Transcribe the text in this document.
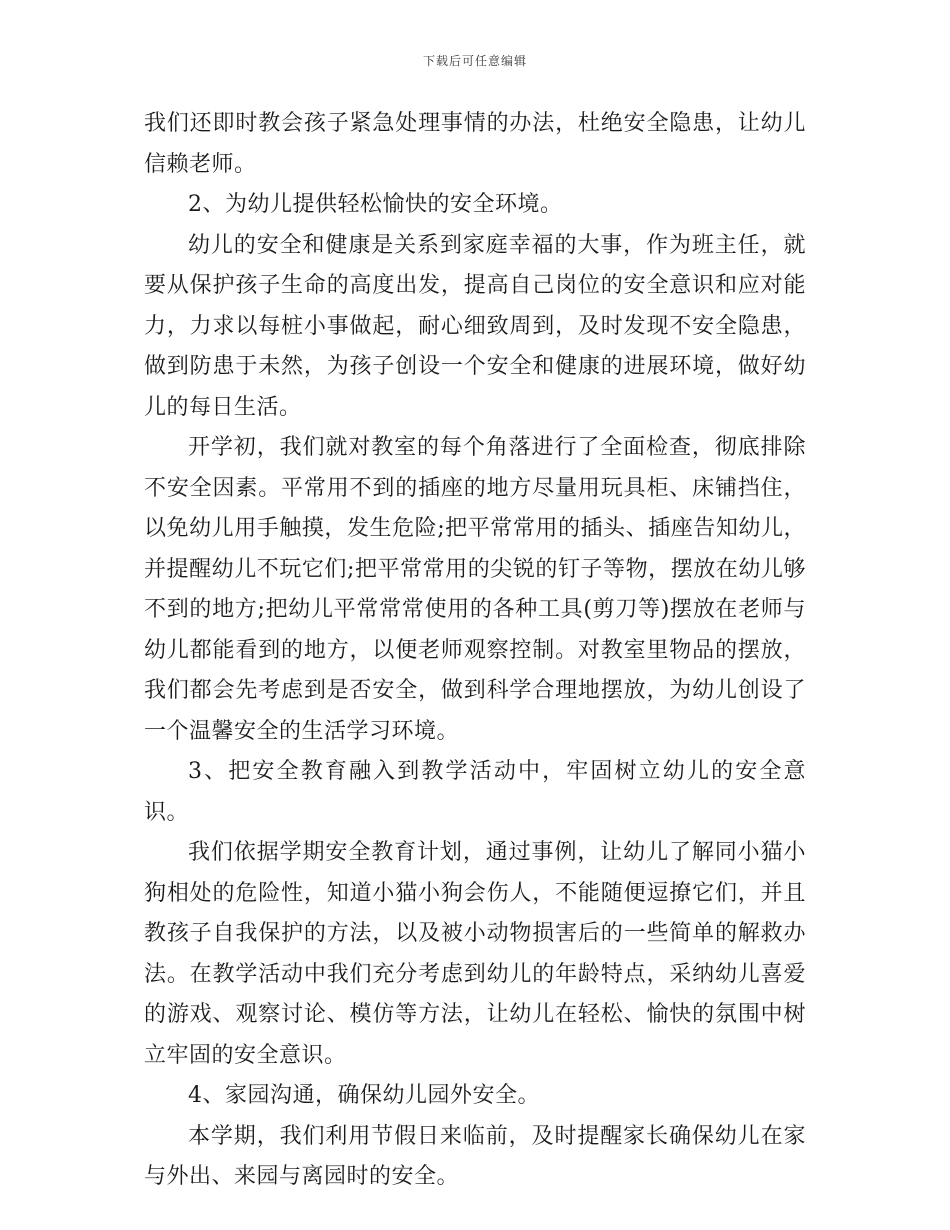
下载后可任意编辑

我们还即时教会孩子紧急处理事情的办法，杜绝安全隐患，让幼儿信赖老师。

2、为幼儿提供轻松愉快的安全环境。

幼儿的安全和健康是关系到家庭幸福的大事，作为班主任，就要从保护孩子生命的高度出发，提高自己岗位的安全意识和应对能力，力求以每桩小事做起，耐心细致周到，及时发现不安全隐患，做到防患于未然，为孩子创设一个安全和健康的进展环境，做好幼儿的每日生活。

开学初，我们就对教室的每个角落进行了全面检查，彻底排除不安全因素。平常用不到的插座的地方尽量用玩具柜、床铺挡住，以免幼儿用手触摸，发生危险;把平常常用的插头、插座告知幼儿，并提醒幼儿不玩它们;把平常常用的尖锐的钉子等物，摆放在幼儿够不到的地方;把幼儿平常常常使用的各种工具(剪刀等)摆放在老师与幼儿都能看到的地方，以便老师观察控制。对教室里物品的摆放，我们都会先考虑到是否安全，做到科学合理地摆放，为幼儿创设了一个温馨安全的生活学习环境。

3、把安全教育融入到教学活动中，牢固树立幼儿的安全意识。

我们依据学期安全教育计划，通过事例，让幼儿了解同小猫小狗相处的危险性，知道小猫小狗会伤人，不能随便逗撩它们，并且教孩子自我保护的方法，以及被小动物损害后的一些简单的解救办法。在教学活动中我们充分考虑到幼儿的年龄特点，采纳幼儿喜爱的游戏、观察讨论、模仿等方法，让幼儿在轻松、愉快的氛围中树立牢固的安全意识。

4、家园沟通，确保幼儿园外安全。

本学期，我们利用节假日来临前，及时提醒家长确保幼儿在家与外出、来园与离园时的安全。
